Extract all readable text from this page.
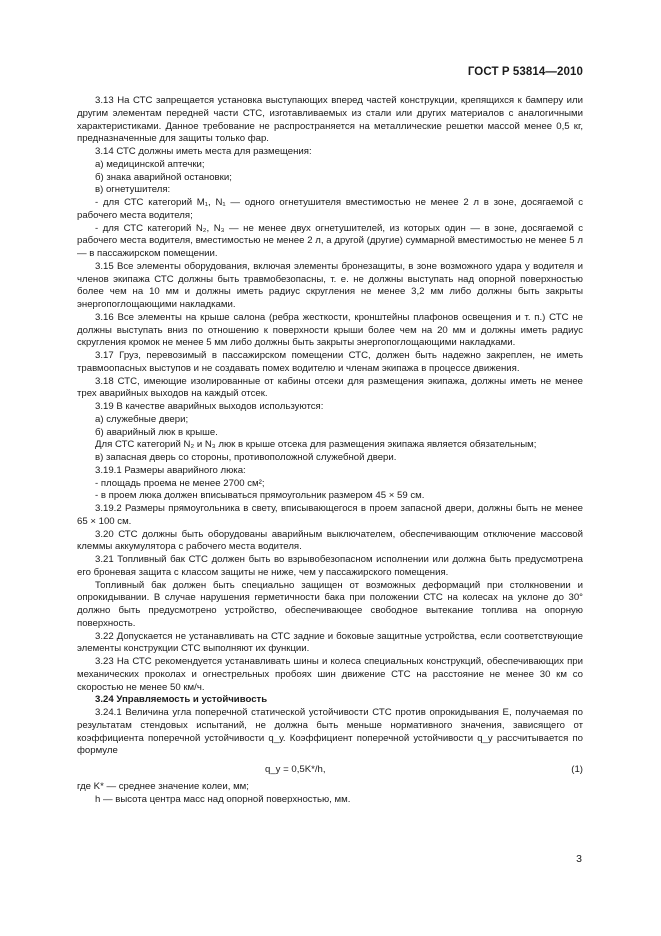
ГОСТ Р 53814—2010

3.13 На СТС запрещается установка выступающих вперед частей конструкции, крепящихся к бамперу или другим элементам передней части СТС, изготавливаемых из стали или других материалов с аналогичными характеристиками. Данное требование не распространяется на металлические решетки массой менее 0,5 кг, предназначенные для защиты только фар.

3.14 СТС должны иметь места для размещения:

а) медицинской аптечки;

б) знака аварийной остановки;

в) огнетушителя:

- для СТС категорий М₁, N₁ — одного огнетушителя вместимостью не менее 2 л в зоне, досягаемой с рабочего места водителя;

- для СТС категорий N₂, N₃ — не менее двух огнетушителей, из которых один — в зоне, досягаемой с рабочего места водителя, вместимостью не менее 2 л, а другой (другие) суммарной вместимостью не менее 5 л — в пассажирском помещении.

3.15 Все элементы оборудования, включая элементы бронезащиты, в зоне возможного удара у водителя и членов экипажа СТС должны быть травмобезопасны, т. е. не должны выступать над опорной поверхностью более чем на 10 мм и должны иметь радиус скругления не менее 3,2 мм либо должны быть закрыты энергопоглощающими накладками.

3.16 Все элементы на крыше салона (ребра жесткости, кронштейны плафонов освещения и т. п.) СТС не должны выступать вниз по отношению к поверхности крыши более чем на 20 мм и должны иметь радиус скругления кромок не менее 5 мм либо должны быть закрыты энергопоглощающими накладками.

3.17 Груз, перевозимый в пассажирском помещении СТС, должен быть надежно закреплен, не иметь травмоопасных выступов и не создавать помех водителю и членам экипажа в процессе движения.

3.18 СТС, имеющие изолированные от кабины отсеки для размещения экипажа, должны иметь не менее трех аварийных выходов на каждый отсек.

3.19 В качестве аварийных выходов используются:

а) служебные двери;

б) аварийный люк в крыше.

Для СТС категорий N₂ и N₃ люк в крыше отсека для размещения экипажа является обязательным;

в) запасная дверь со стороны, противоположной служебной двери.

3.19.1 Размеры аварийного люка:

- площадь проема не менее 2700 см²;

- в проем люка должен вписываться прямоугольник размером 45 × 59 см.

3.19.2 Размеры прямоугольника в свету, вписывающегося в проем запасной двери, должны быть не менее 65 × 100 см.

3.20 СТС должны быть оборудованы аварийным выключателем, обеспечивающим отключение массовой клеммы аккумулятора с рабочего места водителя.

3.21 Топливный бак СТС должен быть во взрывобезопасном исполнении или должна быть предусмотрена его броневая защита с классом защиты не ниже, чем у пассажирского помещения.

Топливный бак должен быть специально защищен от возможных деформаций при столкновении и опрокидывании. В случае нарушения герметичности бака при положении СТС на колесах на уклоне до 30° должно быть предусмотрено устройство, обеспечивающее свободное вытекание топлива на опорную поверхность.

3.22 Допускается не устанавливать на СТС задние и боковые защитные устройства, если соответствующие элементы конструкции СТС выполняют их функции.

3.23 На СТС рекомендуется устанавливать шины и колеса специальных конструкций, обеспечивающих при механических проколах и огнестрельных пробоях шин движение СТС на расстояние не менее 30 км со скоростью не менее 50 км/ч.

3.24 Управляемость и устойчивость

3.24.1 Величина угла поперечной статической устойчивости СТС против опрокидывания E, получаемая по результатам стендовых испытаний, не должна быть меньше нормативного значения, зависящего от коэффициента поперечной устойчивости q_у. Коэффициент поперечной устойчивости q_у рассчитывается по формуле

q_у = 0,5K*/h,	(1)

где K* — среднее значение колеи, мм;

h — высота центра масс над опорной поверхностью, мм.

3
